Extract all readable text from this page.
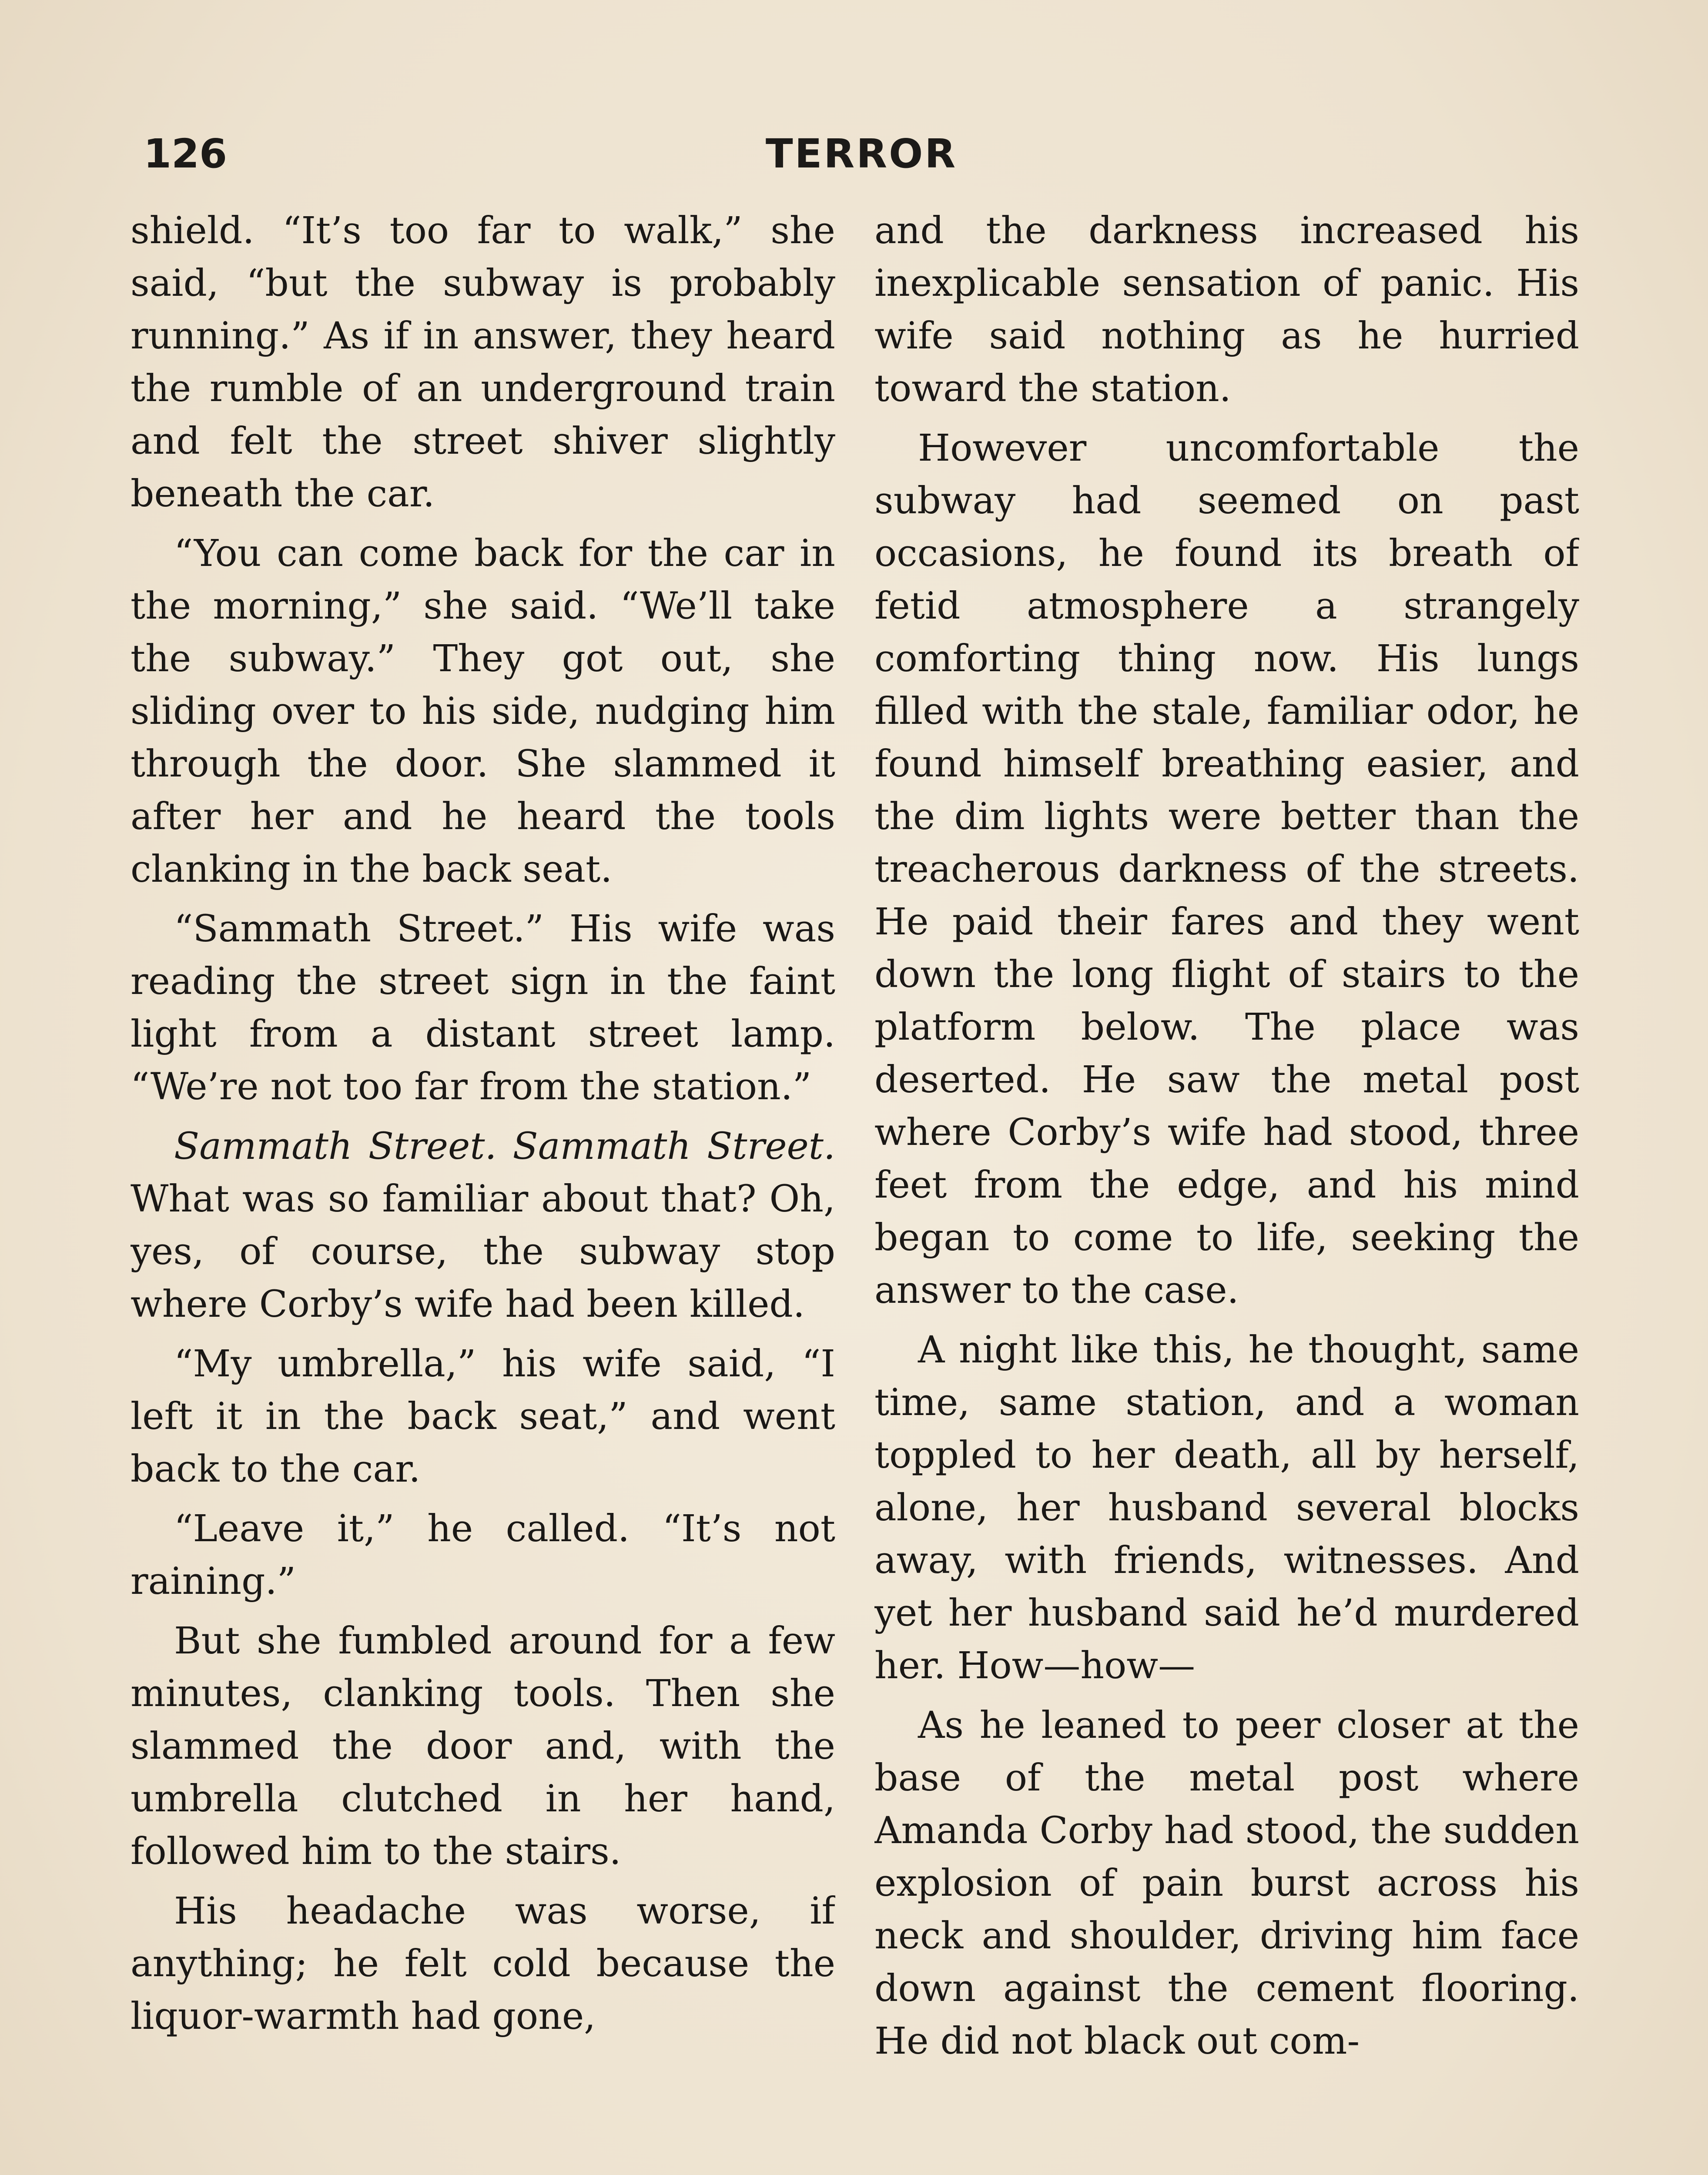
126	TERROR

shield. “It’s too far to walk,” she said, “but the subway is probably running.” As if in answer, they heard the rumble of an underground train and felt the street shiver slightly beneath the car.

“You can come back for the car in the morning,” she said. “We’ll take the subway.” They got out, she sliding over to his side, nudging him through the door. She slammed it after her and he heard the tools clanking in the back seat.

“Sammath Street.” His wife was reading the street sign in the faint light from a distant street lamp. “We’re not too far from the station.”

Sammath Street. Sammath Street. What was so familiar about that? Oh, yes, of course, the subway stop where Corby’s wife had been killed.

“My umbrella,” his wife said, “I left it in the back seat,” and went back to the car.

“Leave it,” he called. “It’s not raining.”

But she fumbled around for a few minutes, clanking tools. Then she slammed the door and, with the umbrella clutched in her hand, followed him to the stairs.

His headache was worse, if anything; he felt cold because the liquor-warmth had gone,

and the darkness increased his inexplicable sensation of panic. His wife said nothing as he hurried toward the station.

However uncomfortable the subway had seemed on past occasions, he found its breath of fetid atmosphere a strangely comforting thing now. His lungs filled with the stale, familiar odor, he found himself breathing easier, and the dim lights were better than the treacherous darkness of the streets. He paid their fares and they went down the long flight of stairs to the platform below. The place was deserted. He saw the metal post where Corby’s wife had stood, three feet from the edge, and his mind began to come to life, seeking the answer to the case.

A night like this, he thought, same time, same station, and a woman toppled to her death, all by herself, alone, her husband several blocks away, with friends, witnesses. And yet her husband said he’d murdered her. How—how—

As he leaned to peer closer at the base of the metal post where Amanda Corby had stood, the sudden explosion of pain burst across his neck and shoulder, driving him face down against the cement flooring. He did not black out com-
